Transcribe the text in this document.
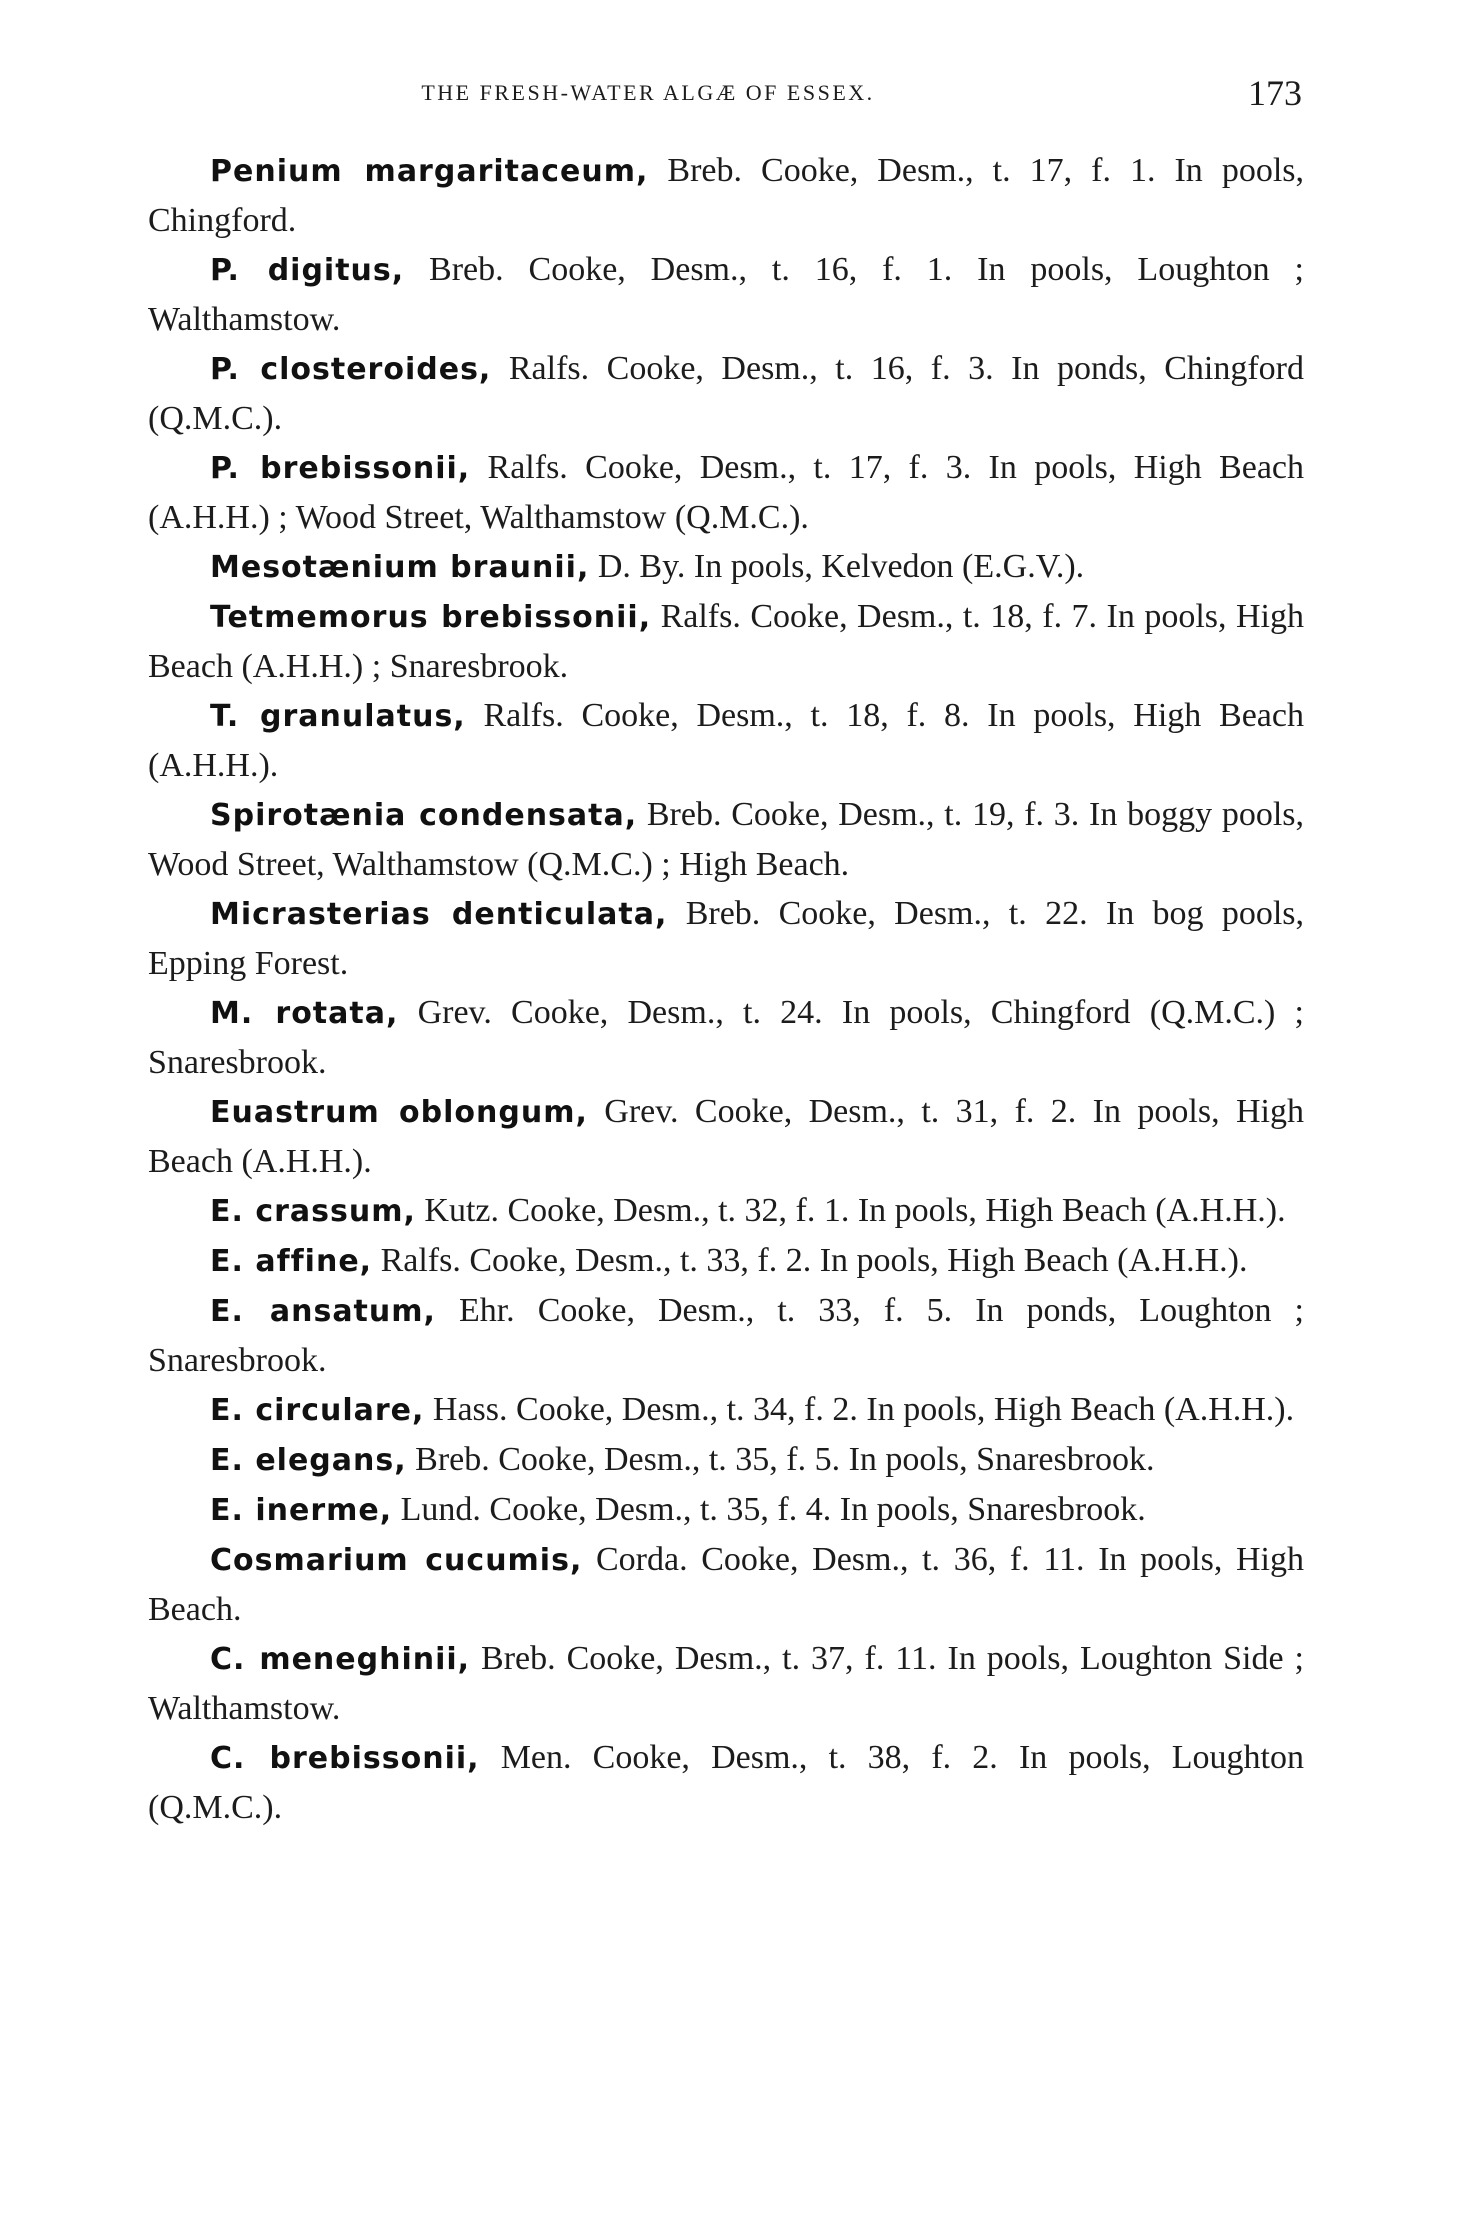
THE FRESH-WATER ALGÆ OF ESSEX.	173

Penium margaritaceum, Breb. Cooke, Desm., t. 17, f. 1. In pools, Chingford.

P. digitus, Breb. Cooke, Desm., t. 16, f. 1. In pools, Loughton ; Walthamstow.

P. closteroides, Ralfs. Cooke, Desm., t. 16, f. 3. In ponds, Chingford (Q.M.C.).

P. brebissonii, Ralfs. Cooke, Desm., t. 17, f. 3. In pools, High Beach (A.H.H.) ; Wood Street, Walthamstow (Q.M.C.).

Mesotænium braunii, D. By. In pools, Kelvedon (E.G.V.).

Tetmemorus brebissonii, Ralfs. Cooke, Desm., t. 18, f. 7. In pools, High Beach (A.H.H.) ; Snaresbrook.

T. granulatus, Ralfs. Cooke, Desm., t. 18, f. 8. In pools, High Beach (A.H.H.).

Spirotænia condensata, Breb. Cooke, Desm., t. 19, f. 3. In boggy pools, Wood Street, Walthamstow (Q.M.C.) ; High Beach.

Micrasterias denticulata, Breb. Cooke, Desm., t. 22. In bog pools, Epping Forest.

M. rotata, Grev. Cooke, Desm., t. 24. In pools, Chingford (Q.M.C.) ; Snaresbrook.

Euastrum oblongum, Grev. Cooke, Desm., t. 31, f. 2. In pools, High Beach (A.H.H.).

E. crassum, Kutz. Cooke, Desm., t. 32, f. 1. In pools, High Beach (A.H.H.).

E. affine, Ralfs. Cooke, Desm., t. 33, f. 2. In pools, High Beach (A.H.H.).

E. ansatum, Ehr. Cooke, Desm., t. 33, f. 5. In ponds, Loughton ; Snaresbrook.

E. circulare, Hass. Cooke, Desm., t. 34, f. 2. In pools, High Beach (A.H.H.).

E. elegans, Breb. Cooke, Desm., t. 35, f. 5. In pools, Snaresbrook.

E. inerme, Lund. Cooke, Desm., t. 35, f. 4. In pools, Snaresbrook.

Cosmarium cucumis, Corda. Cooke, Desm., t. 36, f. 11. In pools, High Beach.

C. meneghinii, Breb. Cooke, Desm., t. 37, f. 11. In pools, Loughton Side ; Walthamstow.

C. brebissonii, Men. Cooke, Desm., t. 38, f. 2. In pools, Loughton (Q.M.C.).
